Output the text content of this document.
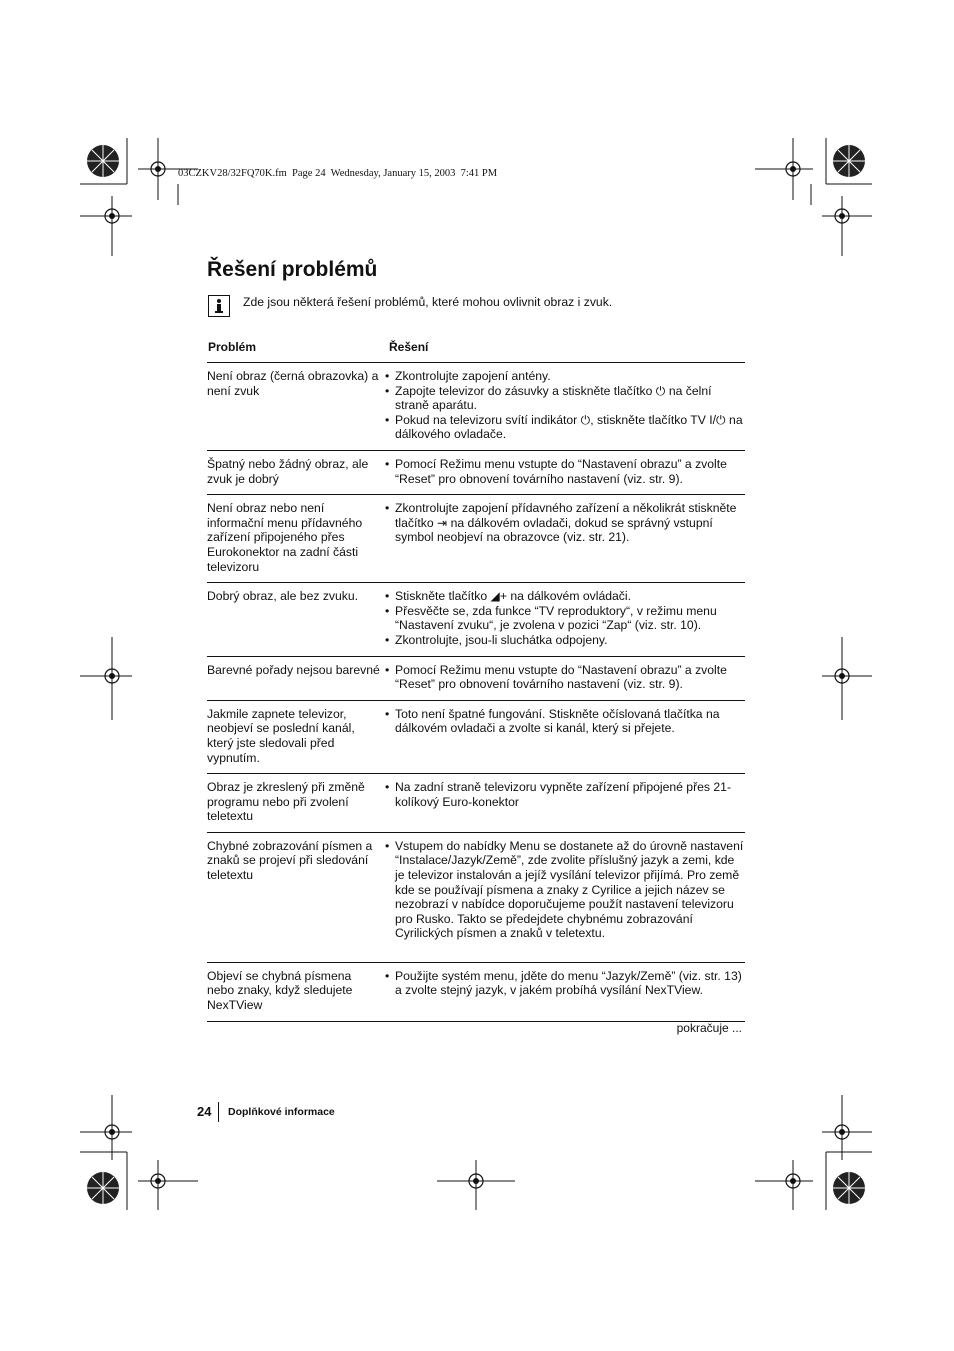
03CZKV28/32FQ70K.fm  Page 24  Wednesday, January 15, 2003  7:41 PM
Řešení problémů
Zde jsou některá řešení problémů, které mohou ovlivnit obraz i zvuk.
Problém	Řešení
Není obraz (černá obrazovka) a není zvuk
• Zkontrolujte zapojení antény.
• Zapojte televizor do zásuvky a stiskněte tlačítko ⏻ na čelní straně aparátu.
• Pokud na televizoru svítí indikátor ⏻, stiskněte tlačítko TV I/⏻ na dálkového ovladače.
Špatný nebo žádný obraz, ale zvuk je dobrý
• Pomocí Režimu menu vstupte do “Nastavení obrazu” a zvolte “Reset” pro obnovení továrního nastavení (viz. str. 9).
Není obraz nebo není informační menu přídavného zařízení připojeného přes Eurokonektor na zadní části televizoru
• Zkontrolujte zapojení přídavného zařízení a několikrát stiskněte tlačítko ⇥ na dálkovém ovladači, dokud se správný vstupní symbol neobjeví na obrazovce (viz. str. 21).
Dobrý obraz, ale bez zvuku.	• Stiskněte tlačítko ◢+ na dálkovém ovládači.
• Přesvěčte se, zda funkce “TV reproduktory“, v režimu menu “Nastavení zvuku“, je zvolena v pozici “Zap“ (viz. str. 10).
• Zkontrolujte, jsou-li sluchátka odpojeny.
Barevné pořady nejsou barevné	• Pomocí Režimu menu vstupte do “Nastavení obrazu” a zvolte “Reset” pro obnovení továrního nastavení (viz. str. 9).
Jakmile zapnete televizor, neobjeví se poslední kanál, který jste sledovali před vypnutím.
• Toto není špatné fungování. Stiskněte očíslovaná tlačítka na dálkovém ovladači a zvolte si kanál, který si přejete.
Obraz je zkreslený při změně programu nebo při zvolení teletextu
• Na zadní straně televizoru vypněte zařízení připojené přes 21-kolíkový Euro-konektor
Chybné zobrazování písmen a znaků se projeví při sledování teletextu
• Vstupem do nabídky Menu se dostanete až do úrovně nastavení “Instalace/Jazyk/Země”, zde zvolite příslušný jazyk a zemi, kde je televizor instalován a jejíž vysílání televizor přijímá. Pro země kde se používají písmena a znaky z Cyrilice a jejich název se nezobrazí v nabídce doporučujeme použít nastavení televizoru pro Rusko. Takto se předejdete chybnému zobrazování Cyrilických písmen a znaků v teletextu.
Objeví se chybná písmena nebo znaky, když sledujete NexTView
• Použijte systém menu, jděte do menu “Jazyk/Země” (viz. str. 13) a zvolte stejný jazyk, v jakém probíhá vysílání NexTView.
pokračuje ...
24 Doplňkové informace
